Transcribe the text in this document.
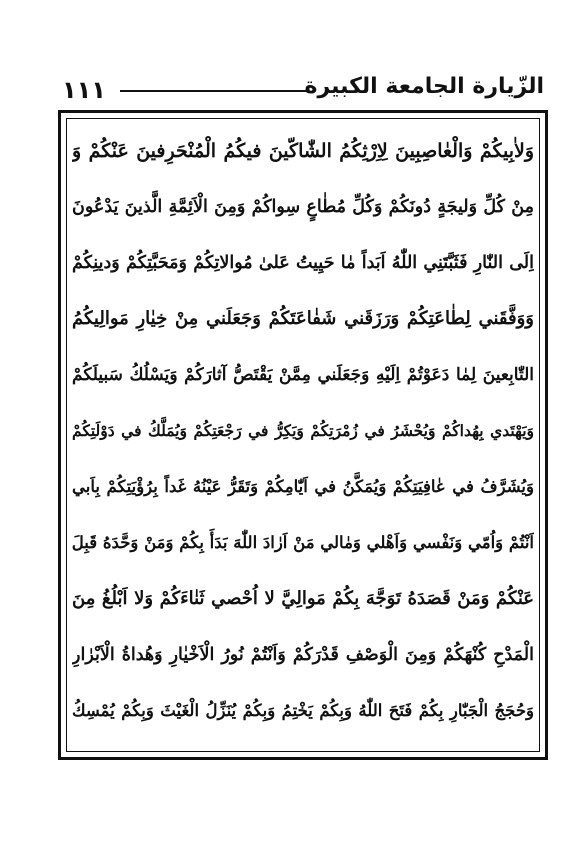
١١١	الزّيارة الجامعة الكبيرة
وَلاٰبِيكُمْ وَالْعٰاصِبِينَ لِاِرْثِكُمُ الشّٰاكّينَ فيكُمُ الْمُنْحَرِفينَ عَنْكُمْ وَ
مِنْ كُلِّ وَليجَةٍ دُونَكُمْ وَكُلِّ مُطٰاعٍ سِواكُمْ وَمِنَ الْاَئِمَّةِ الَّذينَ يَدْعُونَ
اِلَى النّٰارِ فَثَبَّتَنِي اللّٰهُ اَبَداً مٰا حَيِيتُ عَلىٰ مُوالاتِكُمْ وَمَحَبَّتِكُمْ وَدينِكُمْ
وَوَفَّقَني لِطٰاعَتِكُمْ وَرَزَقَني شَفٰاعَتَكُمْ وَجَعَلَني مِنْ خِيٰارِ مَوالِيكُمُ
التّٰابِعينَ لِمٰا دَعَوْتُمْ اِلَيْهِ وَجَعَلَني مِمَّنْ يَقْتَصُّ آثارَكُمْ وَيَسْلُكُ سَبيلَكُمْ
وَيَهْتَدي بِهُداكُمْ وَيُحْشَرُ في زُمْرَتِكُمْ وَيَكِرُّ في رَجْعَتِكُمْ وَيُمَلَّكُ في دَوْلَتِكُمْ
وَيُشَرَّفُ في عٰافِيَتِكُمْ وَيُمَكَّنُ في اَيّٰامِكُمْ وَتَقَرُّ عَيْنُهُ غَداً بِرُؤْيَتِكُمْ بِاَبي
اَنْتُمْ وَاُمّي وَنَفْسي وَاَهْلي وَمٰالي مَنْ اَرٰادَ اللّٰهَ بَدَأَ بِكُمْ وَمَنْ وَحَّدَهُ قَبِلَ
عَنْكُمْ وَمَنْ قَصَدَهُ تَوَجَّهَ بِكُمْ مَوالِيَّ لا اُحْصي ثَنٰاءَكُمْ وَلا اَبْلُغُ مِنَ
الْمَدْحِ كُنْهَكُمْ وَمِنَ الْوَصْفِ قَدْرَكُمْ وَاَنْتُمْ نُورُ الْاَخْيٰارِ وَهُداةُ الْاَبْرٰارِ
وَحُجَجُ الْجَبّٰارِ بِكُمْ فَتَحَ اللّٰهُ وَبِكُمْ يَخْتِمُ وَبِكُمْ يُنَزِّلُ الْغَيْثَ وَبِكُمْ يُمْسِكُ
